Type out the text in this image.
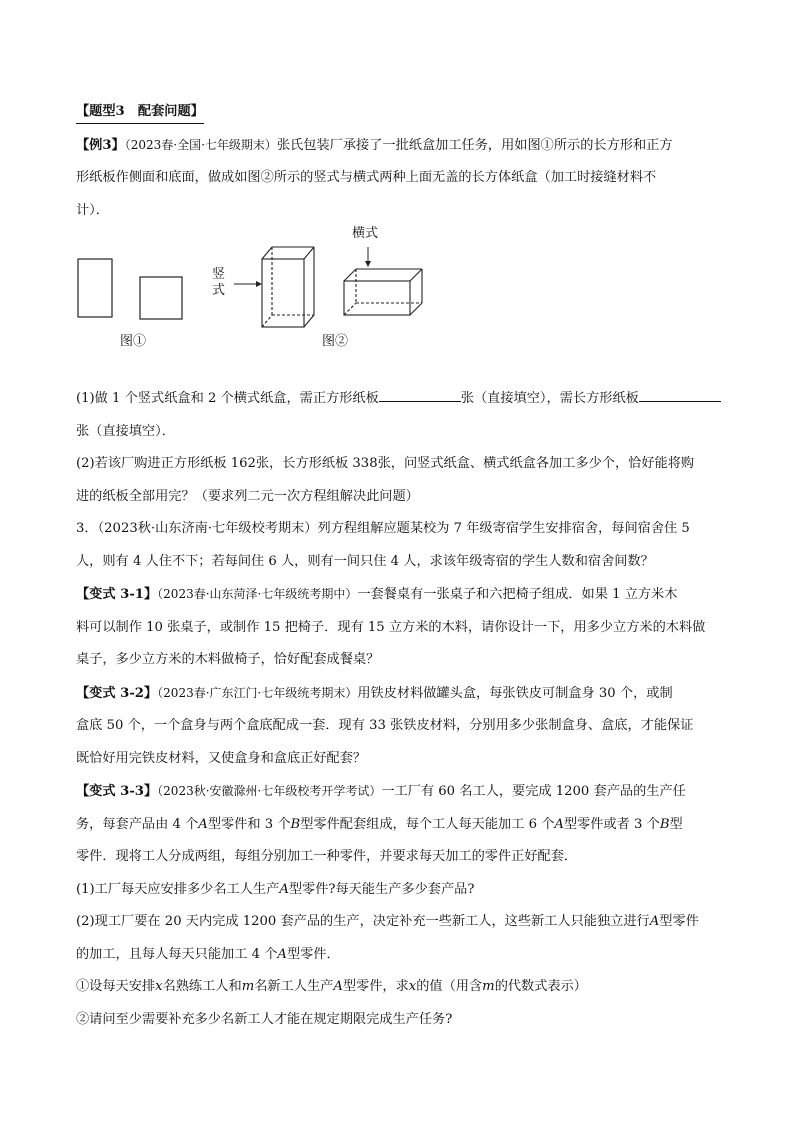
【题型3　配套问题】

【例3】（2023春·全国·七年级期末）张氏包装厂承接了一批纸盒加工任务，用如图①所示的长方形和正方
形纸板作侧面和底面，做成如图②所示的竖式与横式两种上面无盖的长方体纸盒（加工时接缝材料不
计）．

竖式
横式
图①	图②

(1)做 1 个竖式纸盒和 2 个横式纸盒，需正方形纸板	张（直接填空），需长方形纸板
张（直接填空）．

(2)若该厂购进正方形纸板 162张，长方形纸板 338张，问竖式纸盒、横式纸盒各加工多少个，恰好能将购
进的纸板全部用完？（要求列二元一次方程组解决此问题）

3．（2023秋·山东济南·七年级校考期末）列方程组解应题某校为 7 年级寄宿学生安排宿舍，每间宿舍住 5
人，则有 4 人住不下；若每间住 6 人，则有一间只住 4 人，求该年级寄宿的学生人数和宿舍间数？

【变式 3-1】（2023春·山东菏泽·七年级统考期中）一套餐桌有一张桌子和六把椅子组成．如果 1 立方米木
料可以制作 10 张桌子，或制作 15 把椅子．现有 15 立方米的木料，请你设计一下，用多少立方米的木料做
桌子，多少立方米的木料做椅子，恰好配套成餐桌？

【变式 3-2】（2023春·广东江门·七年级统考期末）用铁皮材料做罐头盒，每张铁皮可制盒身 30 个，或制
盒底 50 个，一个盒身与两个盒底配成一套．现有 33 张铁皮材料，分别用多少张制盒身、盒底，才能保证
既恰好用完铁皮材料，又使盒身和盒底正好配套？

【变式 3-3】（2023秋·安徽滁州·七年级校考开学考试）一工厂有 60 名工人，要完成 1200 套产品的生产任
务，每套产品由 4 个A型零件和 3 个B型零件配套组成，每个工人每天能加工 6 个A型零件或者 3 个B型
零件．现将工人分成两组，每组分别加工一种零件，并要求每天加工的零件正好配套．

(1)工厂每天应安排多少名工人生产A型零件?每天能生产多少套产品?

(2)现工厂要在 20 天内完成 1200 套产品的生产，决定补充一些新工人，这些新工人只能独立进行A型零件
的加工，且每人每天只能加工 4 个A型零件．

①设每天安排x名熟练工人和m名新工人生产A型零件，求x的值（用含m的代数式表示）

②请问至少需要补充多少名新工人才能在规定期限完成生产任务?
